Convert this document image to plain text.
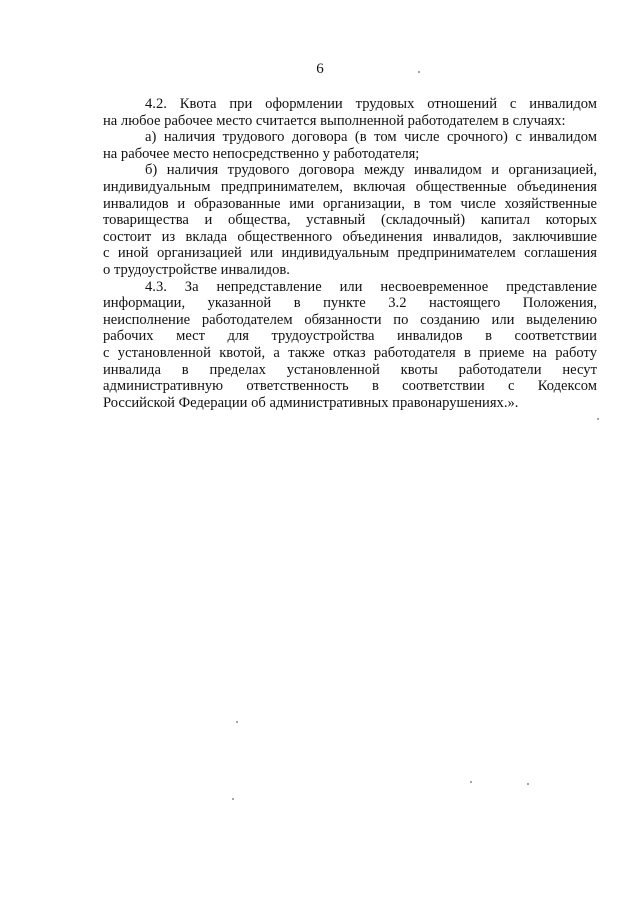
6

4.2. Квота при оформлении трудовых отношений с инвалидом
на любое рабочее место считается выполненной работодателем в случаях:

а) наличия трудового договора (в том числе срочного) с инвалидом
на рабочее место непосредственно у работодателя;

б) наличия трудового договора между инвалидом и организацией,
индивидуальным предпринимателем, включая общественные объединения
инвалидов и образованные ими организации, в том числе хозяйственные
товарищества и общества, уставный (складочный) капитал которых
состоит из вклада общественного объединения инвалидов, заключившие
с иной организацией или индивидуальным предпринимателем соглашения
о трудоустройстве инвалидов.

4.3. За непредставление или несвоевременное представление
информации, указанной в пункте 3.2 настоящего Положения,
неисполнение работодателем обязанности по созданию или выделению
рабочих мест для трудоустройства инвалидов в соответствии
с установленной квотой, а также отказ работодателя в приеме на работу
инвалида в пределах установленной квоты работодатели несут
административную ответственность в соответствии с Кодексом
Российской Федерации об административных правонарушениях.».
